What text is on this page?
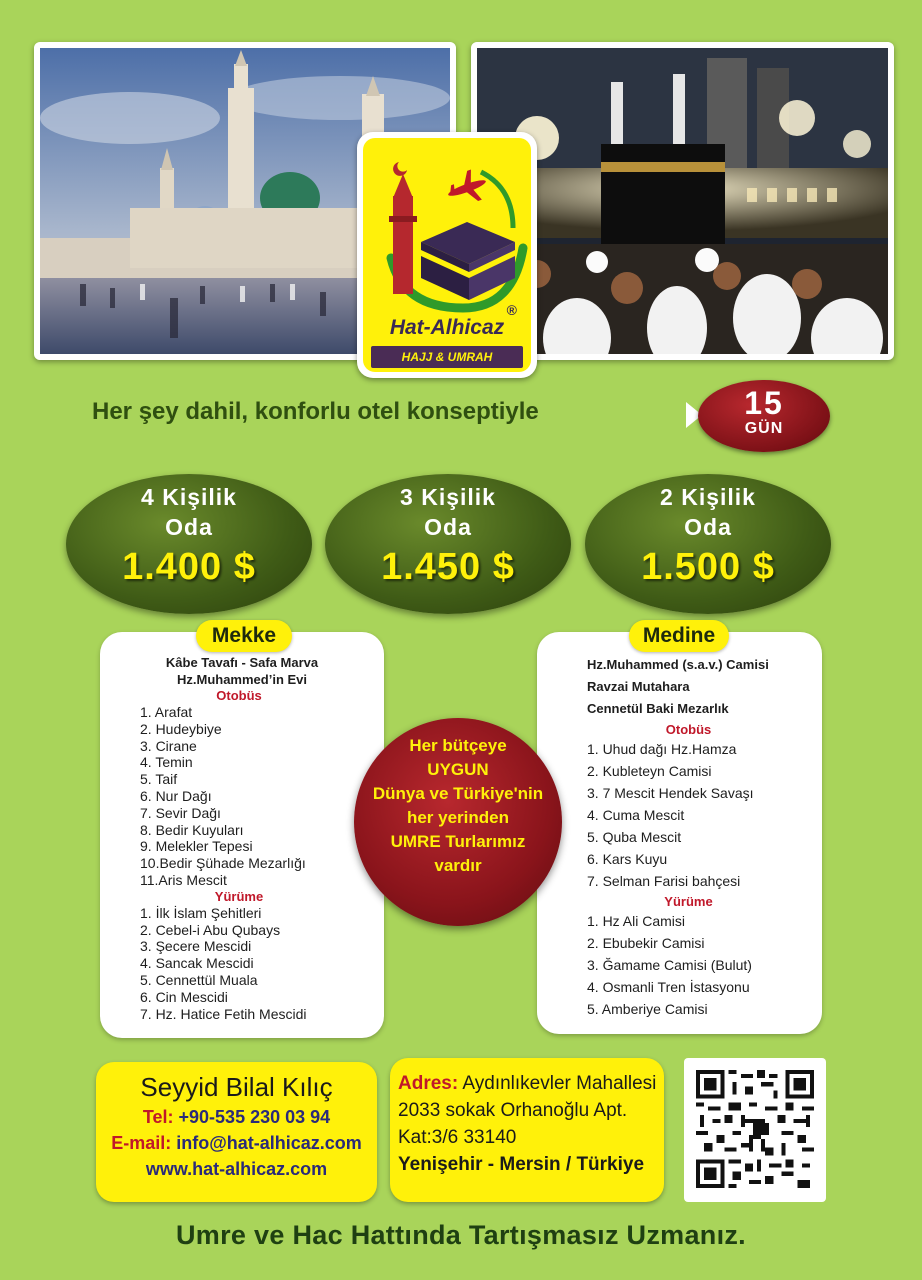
®
Hat-Alhicaz
HAJJ & UMRAH
Her şey dahil, konforlu otel konseptiyle	15
GÜN
4 Kişilik
Oda
1.400 $
3 Kişilik
Oda
1.450 $
2 Kişilik
Oda
1.500 $
Mekke
Kâbe Tavafı - Safa Marva
Hz.Muhammed’in Evi
Otobüs
1. Arafat
2. Hudeybiye
3. Cirane
4. Temin
5. Taif
6. Nur Dağı
7. Sevir Dağı
8. Bedir Kuyuları
9. Melekler Tepesi
10.Bedir Şühade Mezarlığı
11.Aris Mescit
Yürüme
1. İlk İslam Şehitleri
2. Cebel-i Abu Qubays
3. Şecere Mescidi
4. Sancak Mescidi
5. Cennettül Muala
6. Cin Mescidi
7. Hz. Hatice Fetih Mescidi
Medine
Hz.Muhammed (s.a.v.) Camisi
Ravzai Mutahara
Cennetül Baki Mezarlık
Otobüs
1. Uhud dağı Hz.Hamza
2. Kubleteyn Camisi
3. 7 Mescit Hendek Savaşı
4. Cuma Mescit
5. Quba Mescit
6. Kars Kuyu
7. Selman Farisi bahçesi
Yürüme
1. Hz Ali Camisi
2. Ebubekir Camisi
3. Ğamame Camisi (Bulut)
4. Osmanli Tren İstasyonu
5. Amberiye Camisi
Her bütçeye
UYGUN
Dünya ve Türkiye'nin
her yerinden
UMRE Turlarımız
vardır
Seyyid Bilal Kılıç
Tel: +90-535 230 03 94
E-mail: info@hat-alhicaz.com
www.hat-alhicaz.com
Adres: Aydınlıkevler Mahallesi
2033 sokak Orhanoğlu Apt.
Kat:3/6 33140
Yenişehir - Mersin / Türkiye
Umre ve Hac Hattında Tartışmasız Uzmanız.
